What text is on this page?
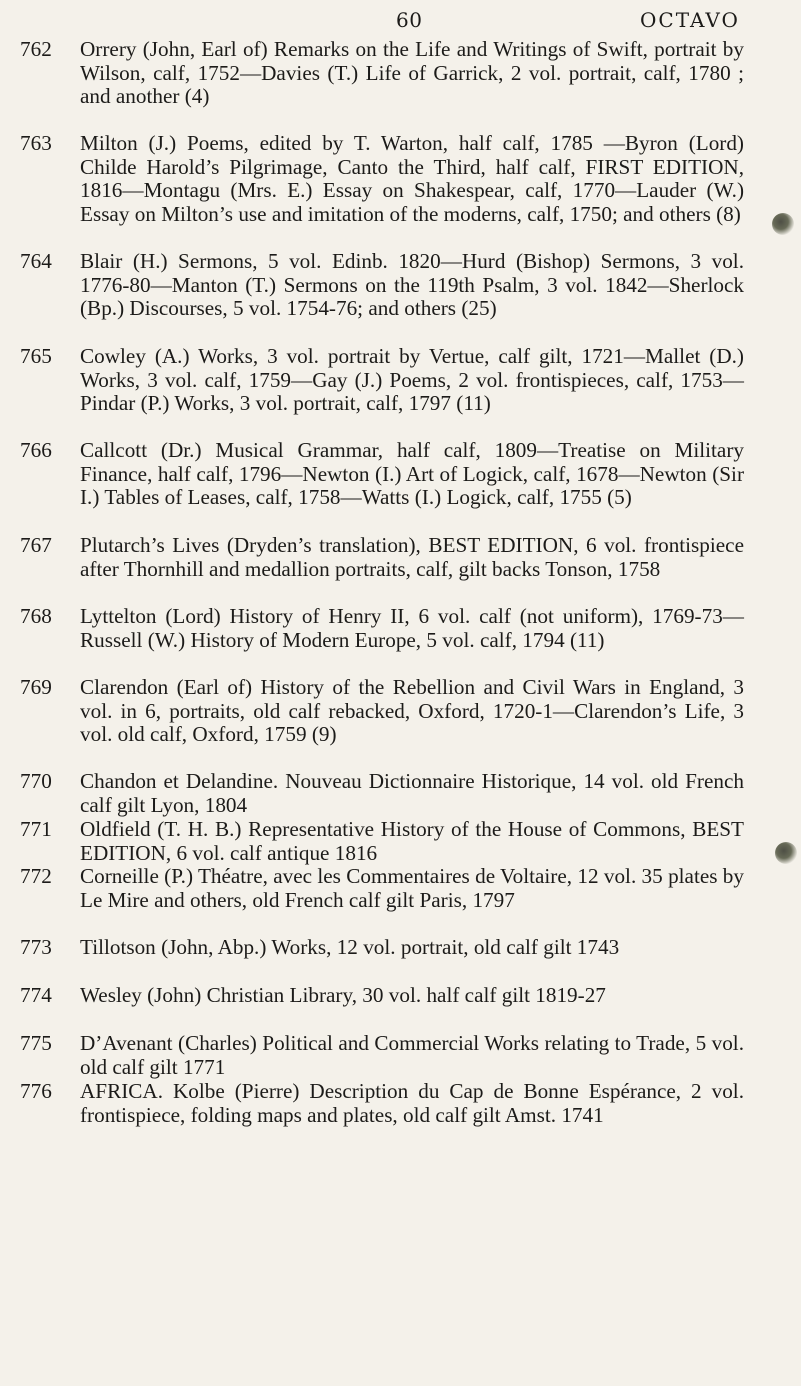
60	OCTAVO
762	Orrery (John, Earl of) Remarks on the Life and Writings of Swift, portrait by Wilson, calf, 1752—Davies (T.) Life of Garrick, 2 vol. portrait, calf, 1780 ; and another (4)
763	Milton (J.) Poems, edited by T. Warton, half calf, 1785 —Byron (Lord) Childe Harold’s Pilgrimage, Canto the Third, half calf, FIRST EDITION, 1816—Montagu (Mrs. E.) Essay on Shakespear, calf, 1770—Lauder (W.) Essay on Milton’s use and imitation of the moderns, calf, 1750; and others (8)
764	Blair (H.) Sermons, 5 vol. Edinb. 1820—Hurd (Bishop) Sermons, 3 vol. 1776-80—Manton (T.) Sermons on the 119th Psalm, 3 vol. 1842—Sherlock (Bp.) Discourses, 5 vol. 1754-76; and others (25)
765	Cowley (A.) Works, 3 vol. portrait by Vertue, calf gilt, 1721—Mallet (D.) Works, 3 vol. calf, 1759—Gay (J.) Poems, 2 vol. frontispieces, calf, 1753—Pindar (P.) Works, 3 vol. portrait, calf, 1797 (11)
766	Callcott (Dr.) Musical Grammar, half calf, 1809—Treatise on Military Finance, half calf, 1796—Newton (I.) Art of Logick, calf, 1678—Newton (Sir I.) Tables of Leases, calf, 1758—Watts (I.) Logick, calf, 1755 (5)
767	Plutarch’s Lives (Dryden’s translation), BEST EDITION, 6 vol. frontispiece after Thornhill and medallion portraits, calf, gilt backs Tonson, 1758
768	Lyttelton (Lord) History of Henry II, 6 vol. calf (not uniform), 1769-73—Russell (W.) History of Modern Europe, 5 vol. calf, 1794 (11)
769	Clarendon (Earl of) History of the Rebellion and Civil Wars in England, 3 vol. in 6, portraits, old calf rebacked, Oxford, 1720-1—Clarendon’s Life, 3 vol. old calf, Oxford, 1759 (9)
770	Chandon et Delandine. Nouveau Dictionnaire Historique, 14 vol. old French calf gilt Lyon, 1804
771	Oldfield (T. H. B.) Representative History of the House of Commons, BEST EDITION, 6 vol. calf antique 1816
772	Corneille (P.) Théatre, avec les Commentaires de Voltaire, 12 vol. 35 plates by Le Mire and others, old French calf gilt Paris, 1797
773	Tillotson (John, Abp.) Works, 12 vol. portrait, old calf gilt 1743
774	Wesley (John) Christian Library, 30 vol. half calf gilt 1819-27
775	D’Avenant (Charles) Political and Commercial Works relating to Trade, 5 vol. old calf gilt 1771
776	AFRICA. Kolbe (Pierre) Description du Cap de Bonne Espérance, 2 vol. frontispiece, folding maps and plates, old calf gilt Amst. 1741
